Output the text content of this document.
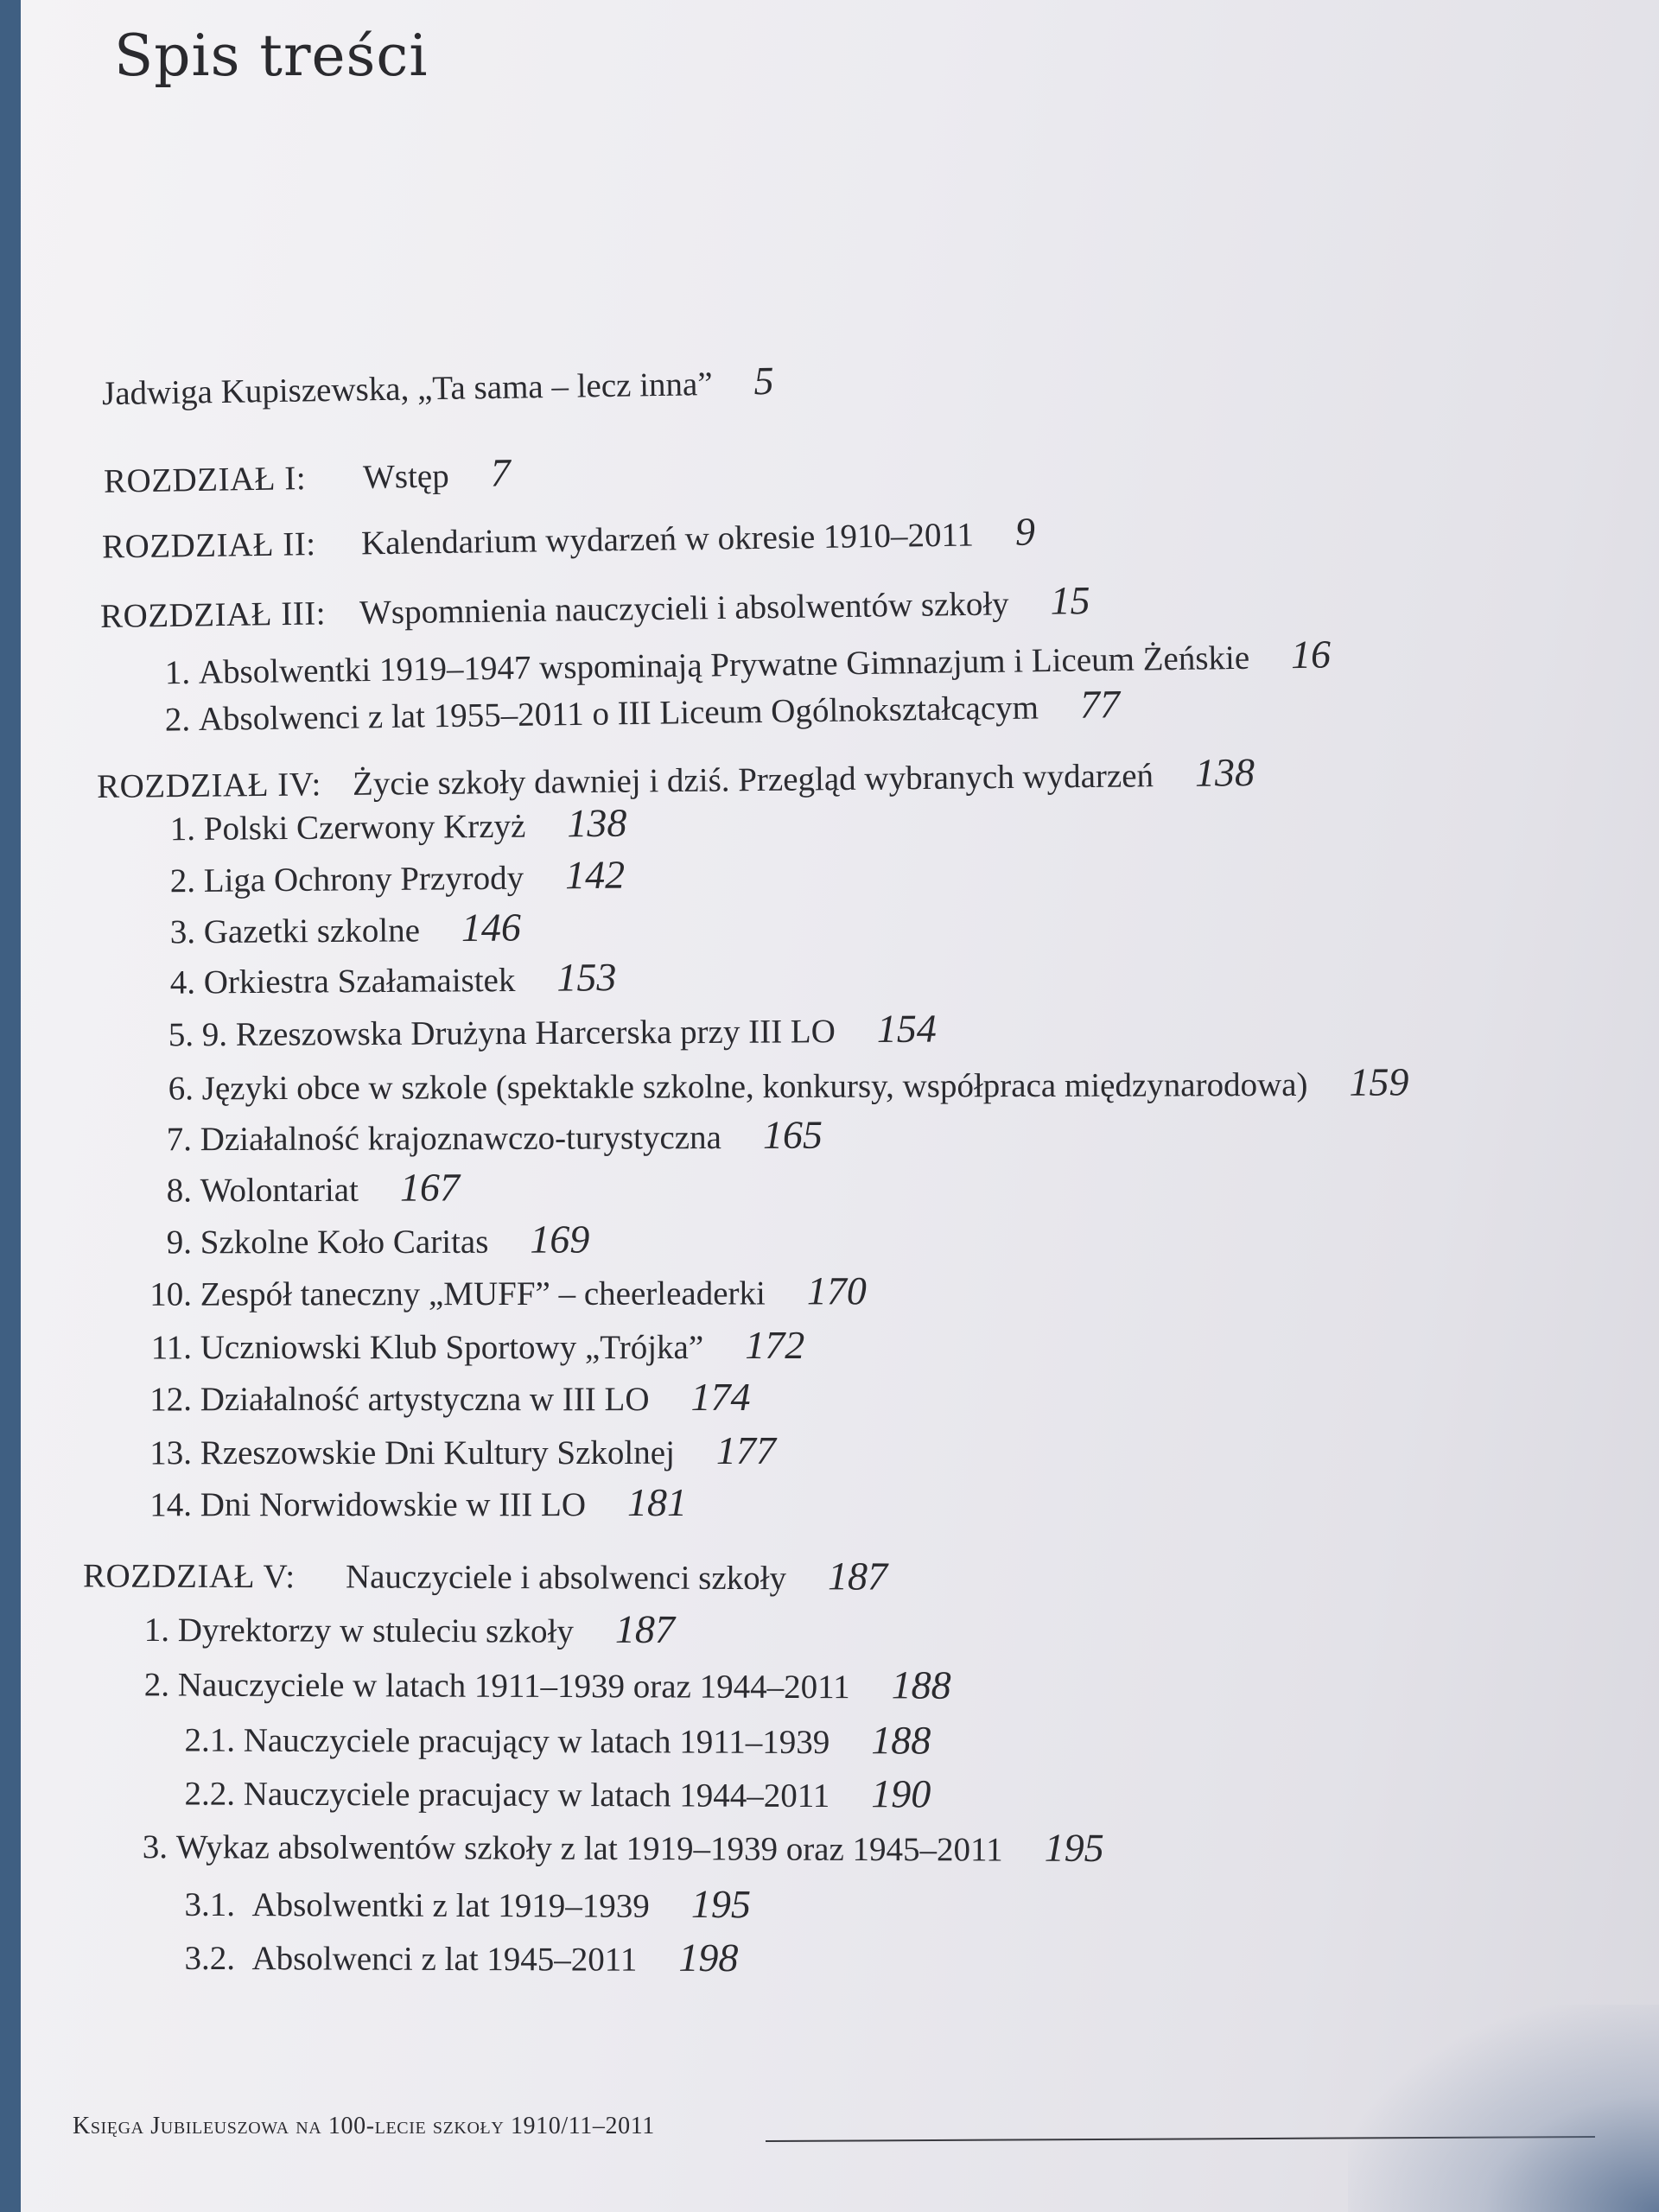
Spis treści
Jadwiga Kupiszewska, „Ta sama – lecz inna” 5
ROZDZIAŁ I: Wstęp 7
ROZDZIAŁ II: Kalendarium wydarzeń w okresie 1910–2011 9
ROZDZIAŁ III: Wspomnienia nauczycieli i absolwentów szkoły 15
1. Absolwentki 1919–1947 wspominają Prywatne Gimnazjum i Liceum Żeńskie 16
2. Absolwenci z lat 1955–2011 o III Liceum Ogólnokształcącym 77
ROZDZIAŁ IV: Życie szkoły dawniej i dziś. Przegląd wybranych wydarzeń 138
1. Polski Czerwony Krzyż 138
2. Liga Ochrony Przyrody 142
3. Gazetki szkolne 146
4. Orkiestra Szałamaistek 153
5. 9. Rzeszowska Drużyna Harcerska przy III LO 154
6. Języki obce w szkole (spektakle szkolne, konkursy, współpraca międzynarodowa) 159
7. Działalność krajoznawczo-turystyczna 165
8. Wolontariat 167
9. Szkolne Koło Caritas 169
10. Zespół taneczny „MUFF” – cheerleaderki 170
11. Uczniowski Klub Sportowy „Trójka” 172
12. Działalność artystyczna w III LO 174
13. Rzeszowskie Dni Kultury Szkolnej 177
14. Dni Norwidowskie w III LO 181
ROZDZIAŁ V: Nauczyciele i absolwenci szkoły 187
1. Dyrektorzy w stuleciu szkoły 187
2. Nauczyciele w latach 1911–1939 oraz 1944–2011 188
2.1. Nauczyciele pracujący w latach 1911–1939 188
2.2. Nauczyciele pracujacy w latach 1944–2011 190
3. Wykaz absolwentów szkoły z lat 1919–1939 oraz 1945–2011 195
3.1. Absolwentki z lat 1919–1939 195
3.2. Absolwenci z lat 1945–2011 198
Księga Jubileuszowa na 100-lecie szkoły 1910/11–2011
